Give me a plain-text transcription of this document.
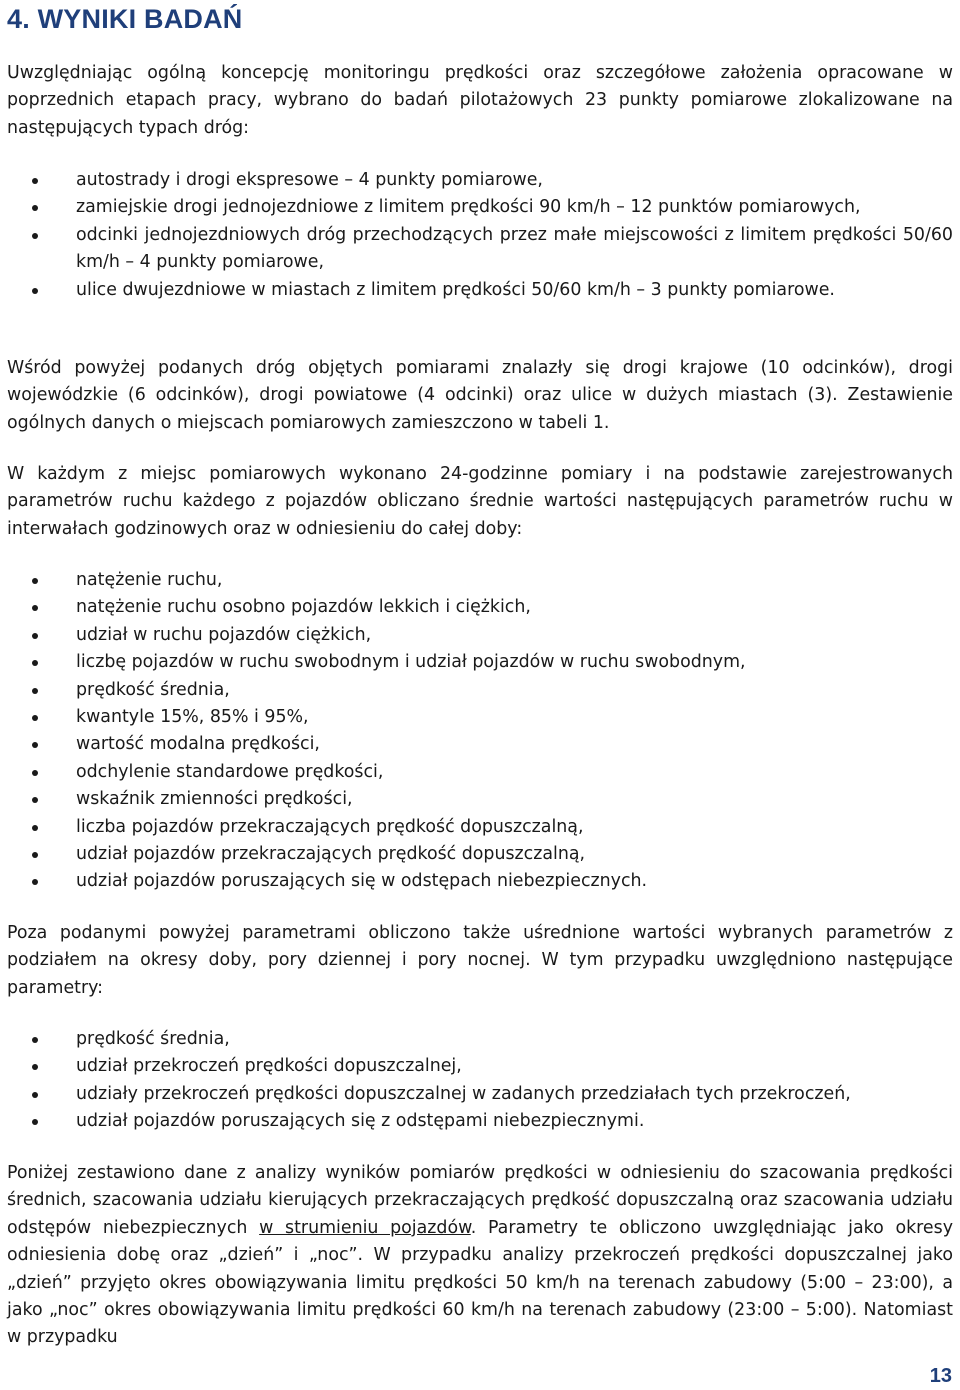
4. WYNIKI BADAŃ

Uwzględniając ogólną koncepcję monitoringu prędkości oraz szczegółowe założenia opracowane w poprzednich etapach pracy, wybrano do badań pilotażowych 23 punkty pomiarowe zlokalizowane na następujących typach dróg:

autostrady i drogi ekspresowe – 4 punkty pomiarowe,
zamiejskie drogi jednojezdniowe z limitem prędkości 90 km/h – 12 punktów pomiarowych,
odcinki jednojezdniowych dróg przechodzących przez małe miejscowości z limitem prędkości 50/60 km/h – 4 punkty pomiarowe,
ulice dwujezdniowe w miastach z limitem prędkości 50/60 km/h – 3 punkty pomiarowe.

Wśród powyżej podanych dróg objętych pomiarami znalazły się drogi krajowe (10 odcinków), drogi wojewódzkie (6 odcinków), drogi powiatowe (4 odcinki) oraz ulice w dużych miastach (3). Zestawienie ogólnych danych o miejscach pomiarowych zamieszczono w tabeli 1.

W każdym z miejsc pomiarowych wykonano 24-godzinne pomiary i na podstawie zarejestrowanych parametrów ruchu każdego z pojazdów obliczano średnie wartości następujących parametrów ruchu w interwałach godzinowych oraz w odniesieniu do całej doby:

natężenie ruchu,
natężenie ruchu osobno pojazdów lekkich i ciężkich,
udział w ruchu pojazdów ciężkich,
liczbę pojazdów w ruchu swobodnym i udział pojazdów w ruchu swobodnym,
prędkość średnia,
kwantyle 15%, 85% i 95%,
wartość modalna prędkości,
odchylenie standardowe prędkości,
wskaźnik zmienności prędkości,
liczba pojazdów przekraczających prędkość dopuszczalną,
udział pojazdów przekraczających prędkość dopuszczalną,
udział pojazdów poruszających się w odstępach niebezpiecznych.

Poza podanymi powyżej parametrami obliczono także uśrednione wartości wybranych parametrów z podziałem na okresy doby, pory dziennej i pory nocnej. W tym przypadku uwzględniono następujące parametry:

prędkość średnia,
udział przekroczeń prędkości dopuszczalnej,
udziały przekroczeń prędkości dopuszczalnej w zadanych przedziałach tych przekroczeń,
udział pojazdów poruszających się z odstępami niebezpiecznymi.

Poniżej zestawiono dane z analizy wyników pomiarów prędkości w odniesieniu do szacowania prędkości średnich, szacowania udziału kierujących przekraczających prędkość dopuszczalną oraz szacowania udziału odstępów niebezpiecznych w strumieniu pojazdów. Parametry te obliczono uwzględniając jako okresy odniesienia dobę oraz „dzień” i „noc”. W przypadku analizy przekroczeń prędkości dopuszczalnej jako „dzień” przyjęto okres obowiązywania limitu prędkości 50 km/h na terenach zabudowy (5:00 – 23:00), a jako „noc” okres obowiązywania limitu prędkości 60 km/h na terenach zabudowy (23:00 – 5:00). Natomiast w przypadku

13
